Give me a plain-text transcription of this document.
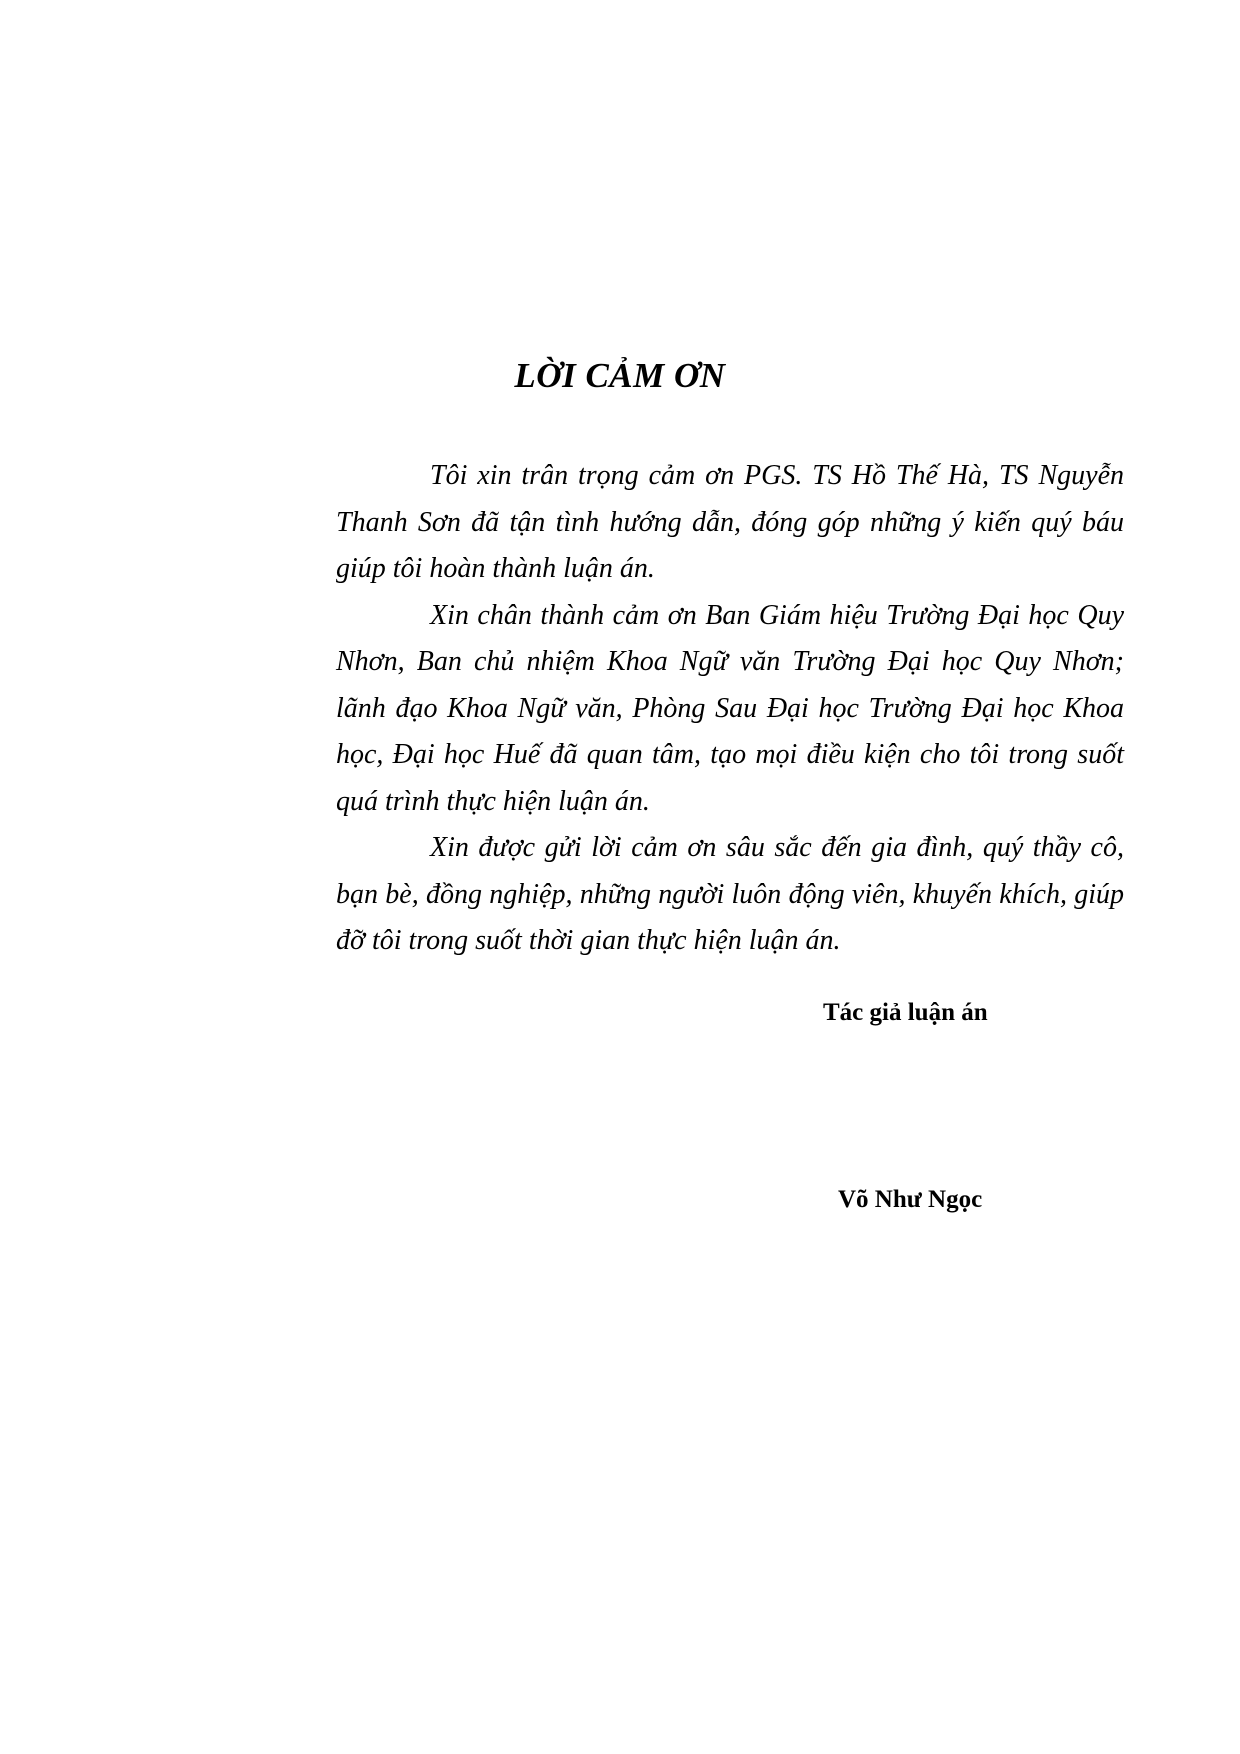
LỜI CẢM ƠN

Tôi xin trân trọng cảm ơn PGS. TS Hồ Thế Hà, TS Nguyễn Thanh Sơn đã tận tình hướng dẫn, đóng góp những ý kiến quý báu giúp tôi hoàn thành luận án.

Xin chân thành cảm ơn Ban Giám hiệu Trường Đại học Quy Nhơn, Ban chủ nhiệm Khoa Ngữ văn Trường Đại học Quy Nhơn; lãnh đạo Khoa Ngữ văn, Phòng Sau Đại học Trường Đại học Khoa học, Đại học Huế đã quan tâm, tạo mọi điều kiện cho tôi trong suốt quá trình thực hiện luận án.

Xin được gửi lời cảm ơn sâu sắc đến gia đình, quý thầy cô, bạn bè, đồng nghiệp, những người luôn động viên, khuyến khích, giúp đỡ tôi trong suốt thời gian thực hiện luận án.

Tác giả luận án
Võ Như Ngọc
